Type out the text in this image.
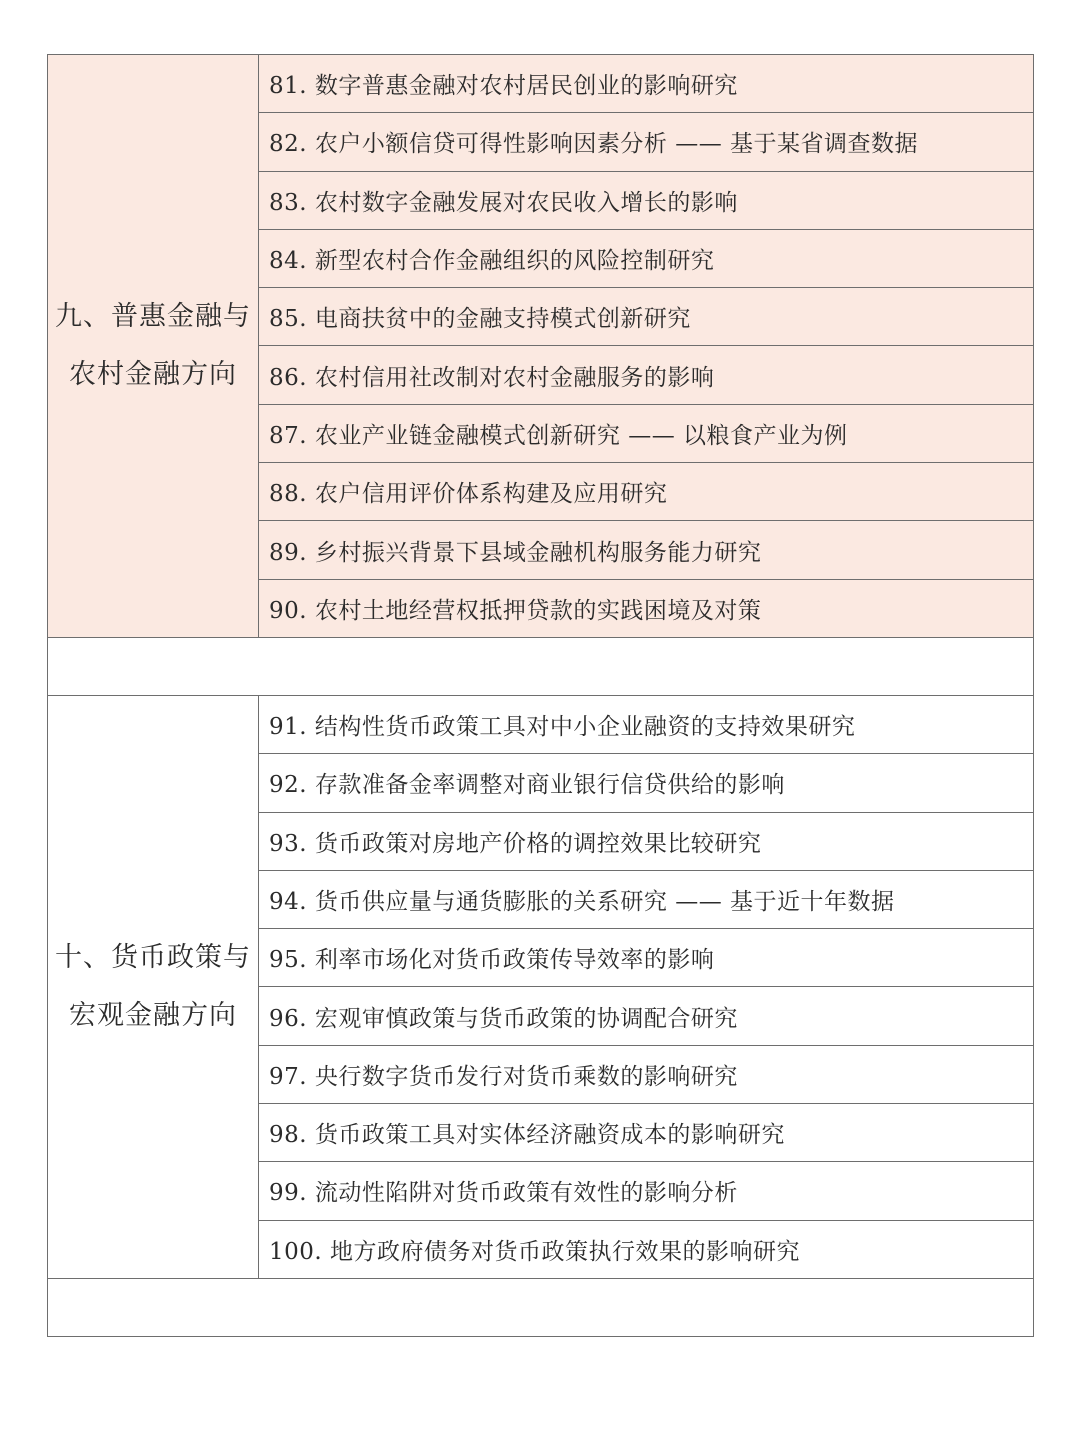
九、普惠金融与
农村金融方向	81. 数字普惠金融对农村居民创业的影响研究
	82. 农户小额信贷可得性影响因素分析 —— 基于某省调查数据
	83. 农村数字金融发展对农民收入增长的影响
	84. 新型农村合作金融组织的风险控制研究
	85. 电商扶贫中的金融支持模式创新研究
	86. 农村信用社改制对农村金融服务的影响
	87. 农业产业链金融模式创新研究 —— 以粮食产业为例
	88. 农户信用评价体系构建及应用研究
	89. 乡村振兴背景下县域金融机构服务能力研究
	90. 农村土地经营权抵押贷款的实践困境及对策

十、货币政策与
宏观金融方向	91. 结构性货币政策工具对中小企业融资的支持效果研究
	92. 存款准备金率调整对商业银行信贷供给的影响
	93. 货币政策对房地产价格的调控效果比较研究
	94. 货币供应量与通货膨胀的关系研究 —— 基于近十年数据
	95. 利率市场化对货币政策传导效率的影响
	96. 宏观审慎政策与货币政策的协调配合研究
	97. 央行数字货币发行对货币乘数的影响研究
	98. 货币政策工具对实体经济融资成本的影响研究
	99. 流动性陷阱对货币政策有效性的影响分析
	100. 地方政府债务对货币政策执行效果的影响研究
